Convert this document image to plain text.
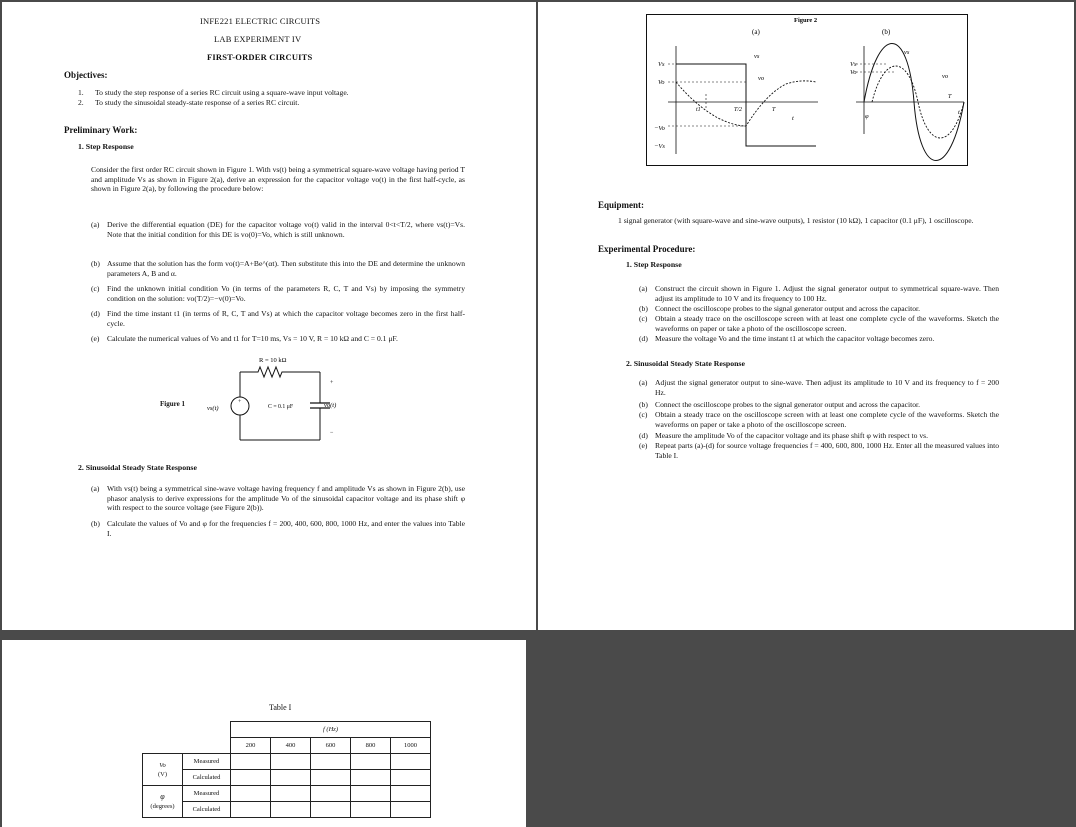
INFE221 ELECTRIC CIRCUITS
LAB EXPERIMENT IV
FIRST-ORDER CIRCUITS
Objectives:
1. To study the step response of a series RC circuit using a square-wave input voltage.
2. To study the sinusoidal steady-state response of a series RC circuit.
Preliminary Work:
1. Step Response
Consider the first order RC circuit shown in Figure 1. With vs(t) being a symmetrical square-wave voltage having period T and amplitude Vs as shown in Figure 2(a), derive an expression for the capacitor voltage vo(t) in the first half-cycle, as shown in Figure 2(a), by following the procedure below:
(a) Derive the differential equation (DE) for the capacitor voltage vo(t) valid in the interval 0<t<T/2, where vs(t)=Vs. Note that the initial condition for this DE is vo(0)=Vo, which is still unknown.
(b) Assume that the solution has the form vo(t)=A+Be^(αt). Then substitute this into the DE and determine the unknown parameters A, B and α.
(c) Find the unknown initial condition Vo (in terms of the parameters R, C, T and Vs) by imposing the symmetry condition on the solution: vo(T/2)=−v(0)=Vo.
(d) Find the time instant t1 (in terms of R, C, T and Vs) at which the capacitor voltage becomes zero in the first half-cycle.
(e) Calculate the numerical values of Vo and t1 for T=10 ms, Vs = 10 V, R = 10 kΩ and C = 0.1 μF.
Figure 1
R = 10 kΩ
+
vs(t)	C = 0.1 μF	vo(t)
+
−
2. Sinusoidal Steady State Response
(a) With vs(t) being a symmetrical sine-wave voltage having frequency f and amplitude Vs as shown in Figure 2(b), use phasor analysis to derive expressions for the amplitude Vo of the sinusoidal capacitor voltage and its phase shift φ with respect to the source voltage (see Figure 2(b)).
(b) Calculate the values of Vo and φ for the frequencies f = 200, 400, 600, 800, 1000 Hz, and enter the values into Table I.
Figure 2
(a)	(b)
vs
Vs
Vo
vo
t1	T/2	T
t
−Vo
−Vs
vs
Vs
Vo
vo
T
t
φ
Equipment:
1 signal generator (with square-wave and sine-wave outputs), 1 resistor (10 kΩ), 1 capacitor (0.1 μF), 1 oscilloscope.
Experimental Procedure:
1. Step Response
(a) Construct the circuit shown in Figure 1. Adjust the signal generator output to symmetrical square-wave. Then adjust its amplitude to 10 V and its frequency to 100 Hz.
(b) Connect the oscilloscope probes to the signal generator output and across the capacitor.
(c) Obtain a steady trace on the oscilloscope screen with at least one complete cycle of the waveforms. Sketch the waveforms on paper or take a photo of the oscilloscope screen.
(d) Measure the voltage Vo and the time instant t1 at which the capacitor voltage becomes zero.
2. Sinusoidal Steady State Response
(a) Adjust the signal generator output to sine-wave. Then adjust its amplitude to 10 V and its frequency to f = 200 Hz.
(b) Connect the oscilloscope probes to the signal generator output and across the capacitor.
(c) Obtain a steady trace on the oscilloscope screen with at least one complete cycle of the waveforms. Sketch the waveforms on paper or take a photo of the oscilloscope screen.
(d) Measure the amplitude Vo of the capacitor voltage and its phase shift φ with respect to vs.
(e) Repeat parts (a)-(d) for source voltage frequencies f = 400, 600, 800, 1000 Hz. Enter all the measured values into Table I.
Table I
		f (Hz)				
		200	400	600	800	1000
Vo
(V)	Measured					
	Calculated					
φ
(degrees)	Measured					
	Calculated					
